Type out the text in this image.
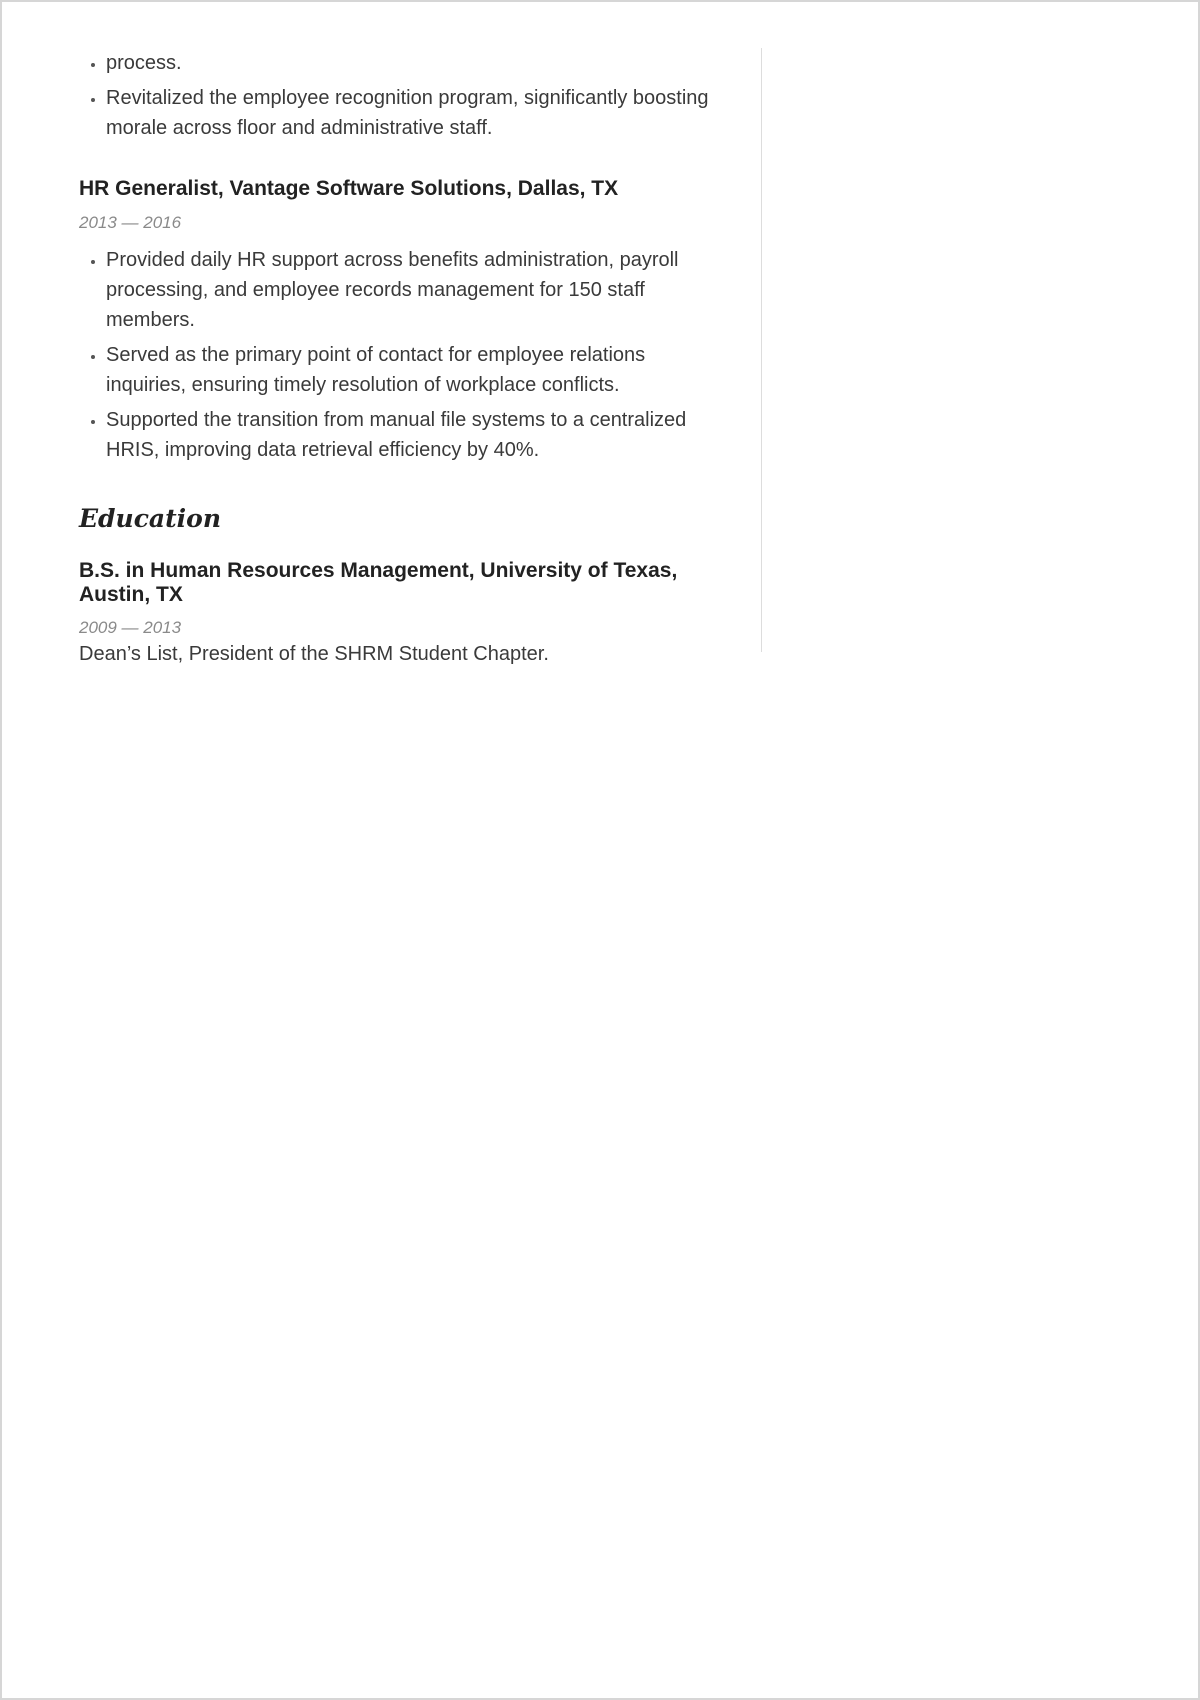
• process.
• Revitalized the employee recognition program, significantly boosting morale across floor and administrative staff.
HR Generalist, Vantage Software Solutions, Dallas, TX
2013 — 2016
• Provided daily HR support across benefits administration, payroll processing, and employee records management for 150 staff members.
• Served as the primary point of contact for employee relations inquiries, ensuring timely resolution of workplace conflicts.
• Supported the transition from manual file systems to a centralized HRIS, improving data retrieval efficiency by 40%.
Education
B.S. in Human Resources Management, University of Texas, Austin, TX
2009 — 2013

Dean’s List, President of the SHRM Student Chapter.
